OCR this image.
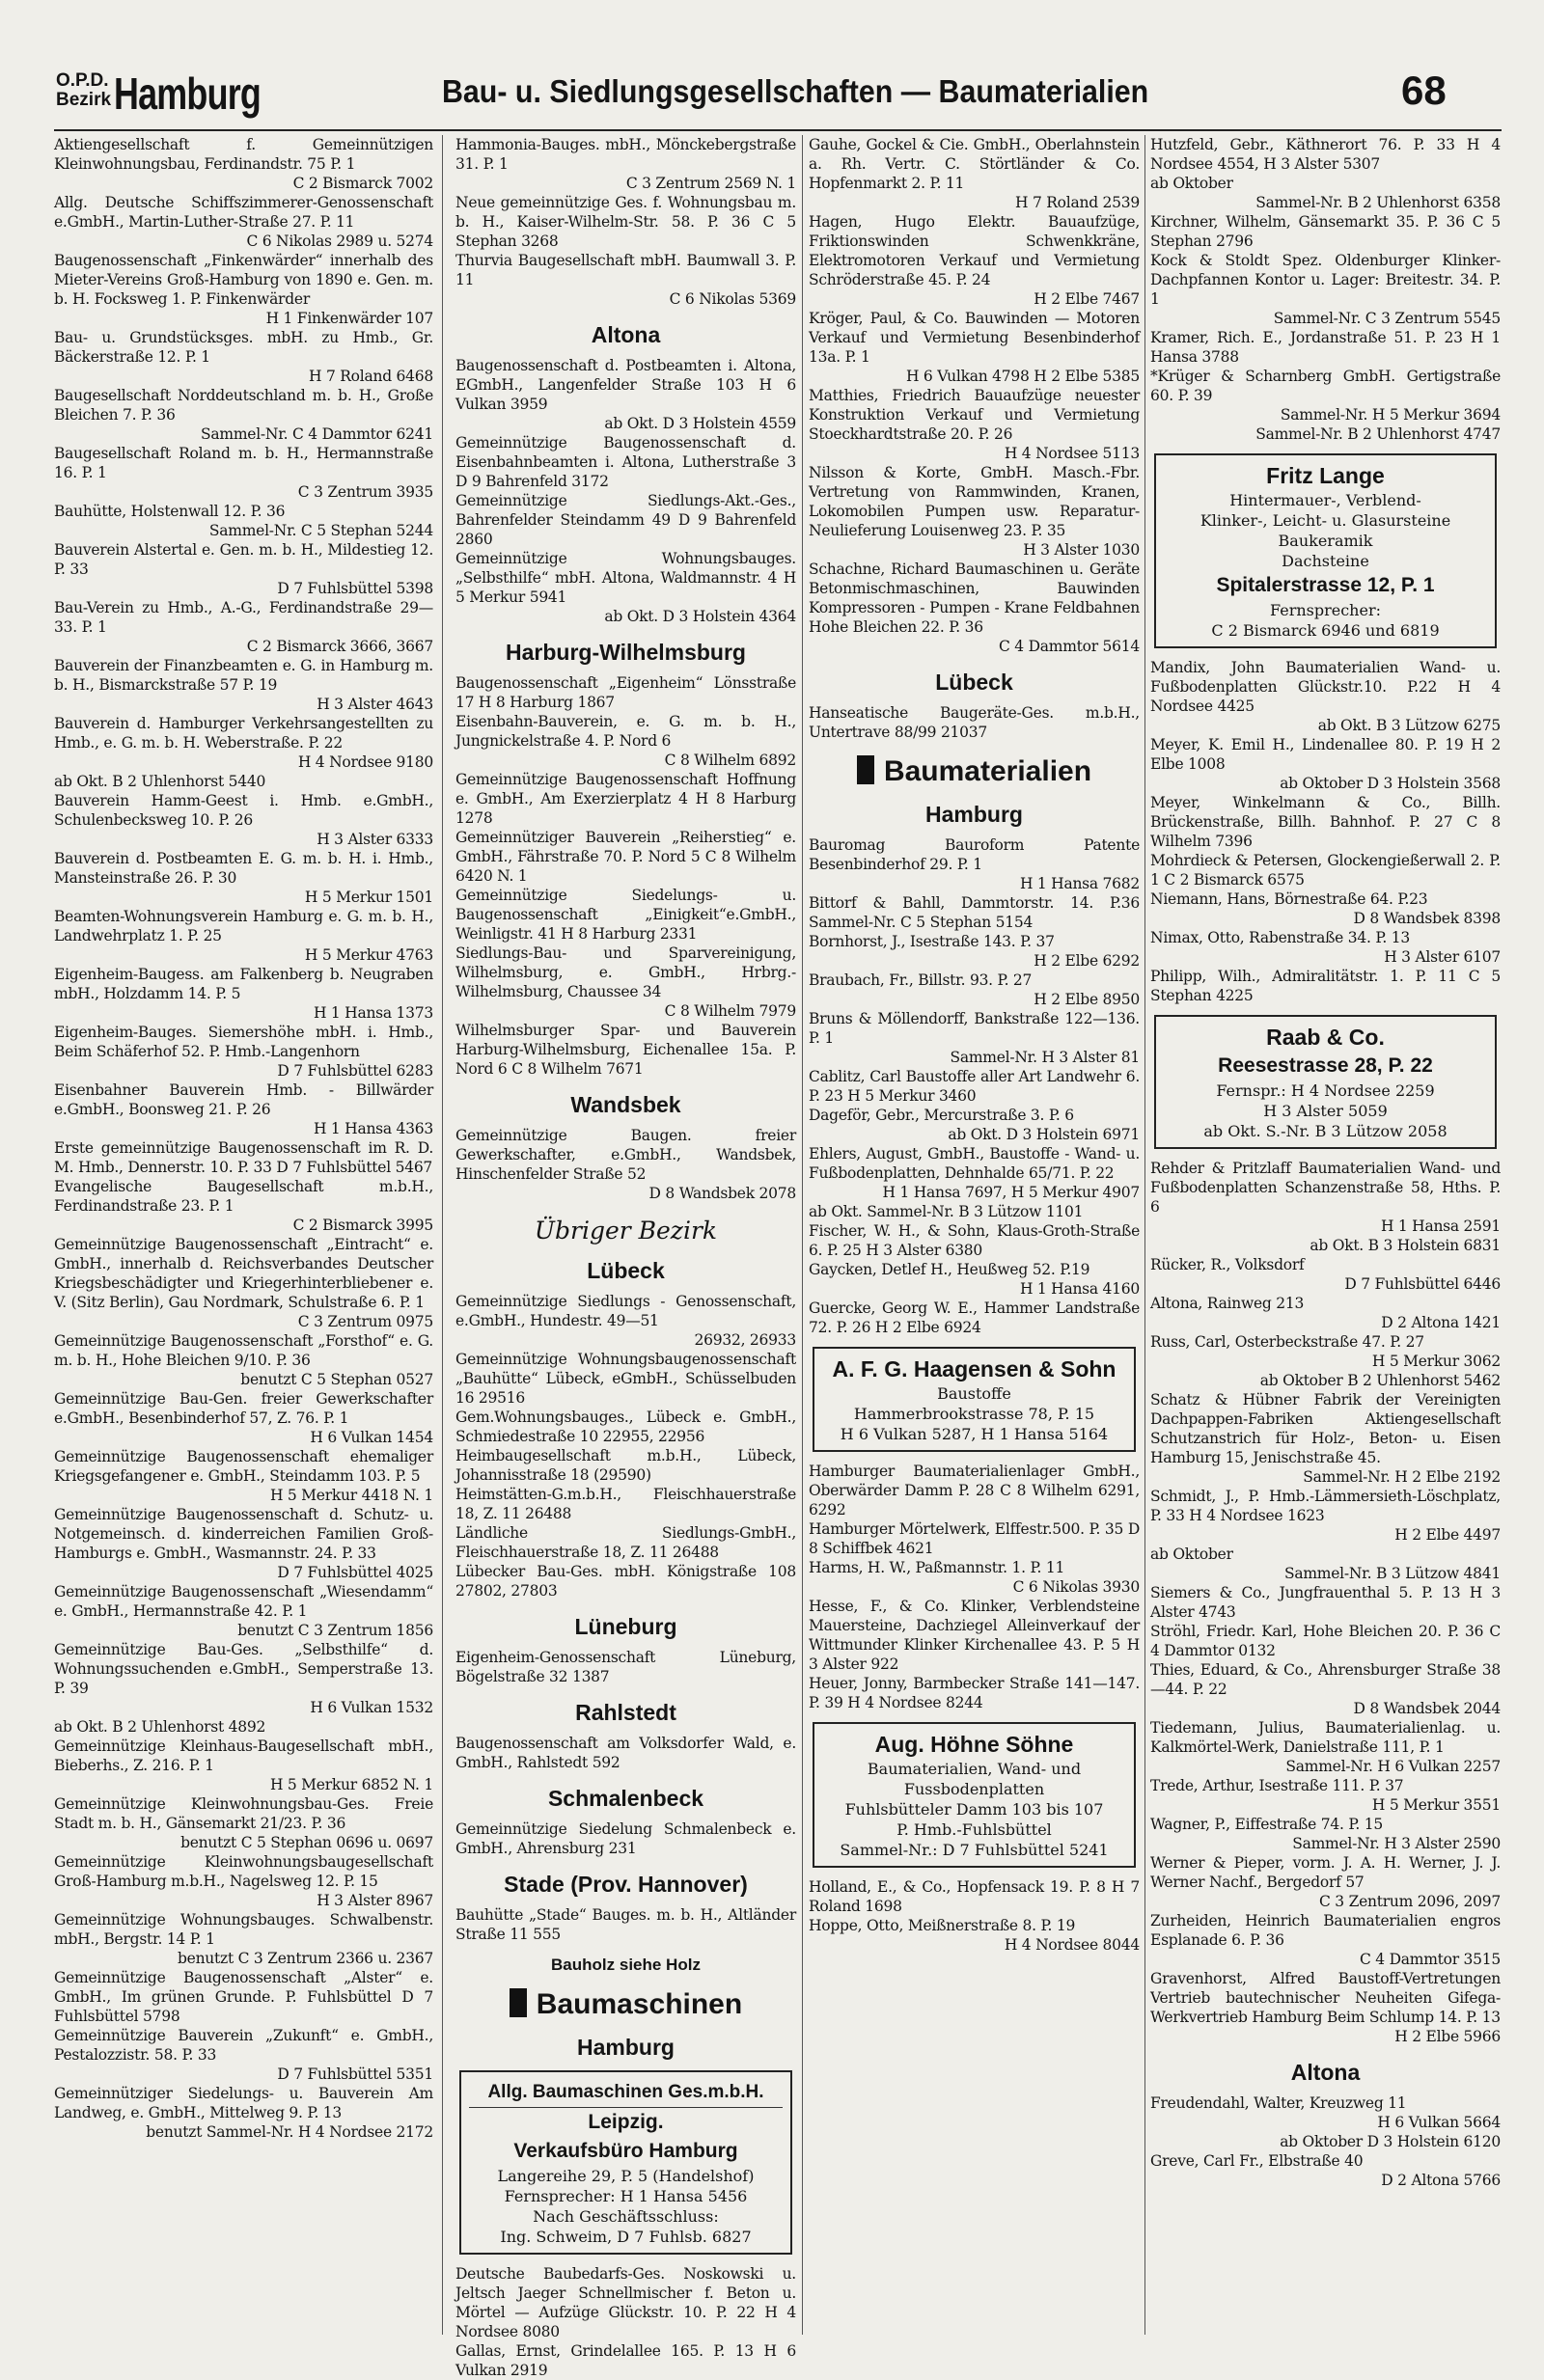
O.P.D.
Bezirk Hamburg	Bau- u. Siedlungsgesellschaften — Baumaterialien	68
Aktiengesellschaft f. Gemeinnützigen Kleinwohnungsbau, Ferdinandstr. 75 P. 1
C 2 Bismarck 7002
Allg. Deutsche Schiffszimmerer-Genossenschaft e.GmbH., Martin-Luther-Straße 27. P. 11
C 6 Nikolas 2989 u. 5274
Baugenossenschaft „Finkenwärder“ innerhalb des Mieter-Vereins Groß-Hamburg von 1890 e. Gen. m. b. H. Focksweg 1. P. Finkenwärder
H 1 Finkenwärder 107
Bau- u. Grundstücksges. mbH. zu Hmb., Gr. Bäckerstraße 12. P. 1
H 7 Roland 6468
Baugesellschaft Norddeutschland m. b. H., Große Bleichen 7. P. 36
Sammel-Nr. C 4 Dammtor 6241
Baugesellschaft Roland m. b. H., Hermannstraße 16. P. 1
C 3 Zentrum 3935
Bauhütte, Holstenwall 12. P. 36
Sammel-Nr. C 5 Stephan 5244
Bauverein Alstertal e. Gen. m. b. H., Mildestieg 12. P. 33
D 7 Fuhlsbüttel 5398
Bau-Verein zu Hmb., A.-G., Ferdinandstraße 29—33. P. 1
C 2 Bismarck 3666, 3667
Bauverein der Finanzbeamten e. G. in Hamburg m. b. H., Bismarckstraße 57 P. 19
H 3 Alster 4643
Bauverein d. Hamburger Verkehrsangestellten zu Hmb., e. G. m. b. H. Weberstraße. P. 22
H 4 Nordsee 9180
ab Okt. B 2 Uhlenhorst 5440
Bauverein Hamm-Geest i. Hmb. e.GmbH., Schulenbecksweg 10. P. 26
H 3 Alster 6333
Bauverein d. Postbeamten E. G. m. b. H. i. Hmb., Mansteinstraße 26. P. 30
H 5 Merkur 1501
Beamten-Wohnungsverein Hamburg e. G. m. b. H., Landwehrplatz 1. P. 25
H 5 Merkur 4763
Eigenheim-Baugess. am Falkenberg b. Neugraben mbH., Holzdamm 14. P. 5
H 1 Hansa 1373
Eigenheim-Bauges. Siemershöhe mbH. i. Hmb., Beim Schäferhof 52. P. Hmb.-Langenhorn
D 7 Fuhlsbüttel 6283
Eisenbahner Bauverein Hmb. - Billwärder e.GmbH., Boonsweg 21. P. 26
H 1 Hansa 4363
Erste gemeinnützige Baugenossenschaft im R. D. M. Hmb., Dennerstr. 10. P. 33 D 7 Fuhlsbüttel 5467
Evangelische Baugesellschaft m.b.H., Ferdinandstraße 23. P. 1
C 2 Bismarck 3995
Gemeinnützige Baugenossenschaft „Eintracht“ e. GmbH., innerhalb d. Reichsverbandes Deutscher Kriegsbeschädigter und Kriegerhinterbliebener e. V. (Sitz Berlin), Gau Nordmark, Schulstraße 6. P. 1
C 3 Zentrum 0975
Gemeinnützige Baugenossenschaft „Forsthof“ e. G. m. b. H., Hohe Bleichen 9/10. P. 36
benutzt C 5 Stephan 0527
Gemeinnützige Bau-Gen. freier Gewerkschafter e.GmbH., Besenbinderhof 57, Z. 76. P. 1
H 6 Vulkan 1454
Gemeinnützige Baugenossenschaft ehemaliger Kriegsgefangener e. GmbH., Steindamm 103. P. 5
H 5 Merkur 4418 N. 1
Gemeinnützige Baugenossenschaft d. Schutz- u. Notgemeinsch. d. kinderreichen Familien Groß-Hamburgs e. GmbH., Wasmannstr. 24. P. 33
D 7 Fuhlsbüttel 4025
Gemeinnützige Baugenossenschaft „Wiesendamm“ e. GmbH., Hermannstraße 42. P. 1
benutzt C 3 Zentrum 1856
Gemeinnützige Bau-Ges. „Selbsthilfe“ d. Wohnungssuchenden e.GmbH., Semperstraße 13. P. 39
H 6 Vulkan 1532
ab Okt. B 2 Uhlenhorst 4892
Gemeinnützige Kleinhaus-Baugesellschaft mbH., Bieberhs., Z. 216. P. 1
H 5 Merkur 6852 N. 1
Gemeinnützige Kleinwohnungsbau-Ges. Freie Stadt m. b. H., Gänsemarkt 21/23. P. 36
benutzt C 5 Stephan 0696 u. 0697
Gemeinnützige Kleinwohnungsbaugesellschaft Groß-Hamburg m.b.H., Nagelsweg 12. P. 15
H 3 Alster 8967
Gemeinnützige Wohnungsbauges. Schwalbenstr. mbH., Bergstr. 14 P. 1
benutzt C 3 Zentrum 2366 u. 2367
Gemeinnützige Baugenossenschaft „Alster“ e. GmbH., Im grünen Grunde. P. Fuhlsbüttel D 7 Fuhlsbüttel 5798
Gemeinnützige Bauverein „Zukunft“ e. GmbH., Pestalozzistr. 58. P. 33
D 7 Fuhlsbüttel 5351
Gemeinnütziger Siedelungs- u. Bauverein Am Landweg, e. GmbH., Mittelweg 9. P. 13
benutzt Sammel-Nr. H 4 Nordsee 2172
Hammonia-Bauges. mbH., Mönckebergstraße 31. P. 1
C 3 Zentrum 2569 N. 1
Neue gemeinnützige Ges. f. Wohnungsbau m. b. H., Kaiser-Wilhelm-Str. 58. P. 36 C 5 Stephan 3268
Thurvia Baugesellschaft mbH. Baumwall 3. P. 11
C 6 Nikolas 5369
Altona
Baugenossenschaft d. Postbeamten i. Altona, EGmbH., Langenfelder Straße 103 H 6 Vulkan 3959
ab Okt. D 3 Holstein 4559
Gemeinnützige Baugenossenschaft d. Eisenbahnbeamten i. Altona, Lutherstraße 3 D 9 Bahrenfeld 3172
Gemeinnützige Siedlungs-Akt.-Ges., Bahrenfelder Steindamm 49 D 9 Bahrenfeld 2860
Gemeinnützige Wohnungsbauges. „Selbsthilfe“ mbH. Altona, Waldmannstr. 4 H 5 Merkur 5941
ab Okt. D 3 Holstein 4364
Harburg-Wilhelmsburg
Baugenossenschaft „Eigenheim“ Lönsstraße 17 H 8 Harburg 1867
Eisenbahn-Bauverein, e. G. m. b. H., Jungnickelstraße 4. P. Nord 6
C 8 Wilhelm 6892
Gemeinnützige Baugenossenschaft Hoffnung e. GmbH., Am Exerzierplatz 4 H 8 Harburg 1278
Gemeinnütziger Bauverein „Reiherstieg“ e. GmbH., Fährstraße 70. P. Nord 5 C 8 Wilhelm 6420 N. 1
Gemeinnützige Siedelungs- u. Baugenossenschaft „Einigkeit“e.GmbH., Weinligstr. 41 H 8 Harburg 2331
Siedlungs-Bau- und Sparvereinigung, Wilhelmsburg, e. GmbH., Hrbrg.-Wilhelmsburg, Chaussee 34
C 8 Wilhelm 7979
Wilhelmsburger Spar- und Bauverein Harburg-Wilhelmsburg, Eichenallee 15a. P. Nord 6 C 8 Wilhelm 7671
Wandsbek
Gemeinnützige Baugen. freier Gewerkschafter, e.GmbH., Wandsbek, Hinschenfelder Straße 52
D 8 Wandsbek 2078
Übriger Bezirk
Lübeck
Gemeinnützige Siedlungs - Genossenschaft, e.GmbH., Hundestr. 49—51
26932, 26933
Gemeinnützige Wohnungsbaugenossenschaft „Bauhütte“ Lübeck, eGmbH., Schüsselbuden 16 29516
Gem.Wohnungsbauges., Lübeck e. GmbH., Schmiedestraße 10 22955, 22956
Heimbaugesellschaft m.b.H., Lübeck, Johannisstraße 18 (29590)
Heimstätten-G.m.b.H., Fleischhauerstraße 18, Z. 11 26488
Ländliche Siedlungs-GmbH., Fleischhauerstraße 18, Z. 11 26488
Lübecker Bau-Ges. mbH. Königstraße 108 27802, 27803
Lüneburg
Eigenheim-Genossenschaft Lüneburg, Bögelstraße 32 1387
Rahlstedt
Baugenossenschaft am Volksdorfer Wald, e. GmbH., Rahlstedt 592
Schmalenbeck
Gemeinnützige Siedelung Schmalenbeck e. GmbH., Ahrensburg 231
Stade (Prov. Hannover)
Bauhütte „Stade“ Bauges. m. b. H., Altländer Straße 11 555
Bauholz siehe Holz
Baumaschinen
Hamburg
Allg. Baumaschinen Ges.m.b.H.
Leipzig.
Verkaufsbüro Hamburg
Langereihe 29, P. 5 (Handelshof)
Fernsprecher: H 1 Hansa 5456
Nach Geschäftsschluss:
Ing. Schweim, D 7 Fuhlsb. 6827
Deutsche Baubedarfs-Ges. Noskowski u. Jeltsch Jaeger Schnellmischer f. Beton u. Mörtel — Aufzüge Glückstr. 10. P. 22 H 4 Nordsee 8080
Gallas, Ernst, Grindelallee 165. P. 13 H 6 Vulkan 2919
Gauhe, Gockel & Cie. GmbH., Oberlahnstein a. Rh. Vertr. C. Störtländer & Co. Hopfenmarkt 2. P. 11
H 7 Roland 2539
Hagen, Hugo Elektr. Bauaufzüge, Friktionswinden Schwenkkräne, Elektromotoren Verkauf und Vermietung Schröderstraße 45. P. 24
H 2 Elbe 7467
Kröger, Paul, & Co. Bauwinden — Motoren Verkauf und Vermietung Besenbinderhof 13a. P. 1
H 6 Vulkan 4798 H 2 Elbe 5385
Matthies, Friedrich Bauaufzüge neuester Konstruktion Verkauf und Vermietung Stoeckhardtstraße 20. P. 26
H 4 Nordsee 5113
Nilsson & Korte, GmbH. Masch.-Fbr. Vertretung von Rammwinden, Kranen, Lokomobilen Pumpen usw. Reparatur-Neulieferung Louisenweg 23. P. 35
H 3 Alster 1030
Schachne, Richard Baumaschinen u. Geräte Betonmischmaschinen, Bauwinden Kompressoren - Pumpen - Krane Feldbahnen Hohe Bleichen 22. P. 36
C 4 Dammtor 5614
Lübeck
Hanseatische Baugeräte-Ges. m.b.H., Untertrave 88/99 21037
Baumaterialien
Hamburg
Bauromag Bauroform Patente Besenbinderhof 29. P. 1
H 1 Hansa 7682
Bittorf & Bahll, Dammtorstr. 14. P.36 Sammel-Nr. C 5 Stephan 5154
Bornhorst, J., Isestraße 143. P. 37
H 2 Elbe 6292
Braubach, Fr., Billstr. 93. P. 27
H 2 Elbe 8950
Bruns & Möllendorff, Bankstraße 122—136. P. 1
Sammel-Nr. H 3 Alster 81
Cablitz, Carl Baustoffe aller Art Landwehr 6. P. 23 H 5 Merkur 3460
Dageför, Gebr., Mercurstraße 3. P. 6
ab Okt. D 3 Holstein 6971
Ehlers, August, GmbH., Baustoffe - Wand- u. Fußbodenplatten, Dehnhalde 65/71. P. 22
H 1 Hansa 7697, H 5 Merkur 4907
ab Okt. Sammel-Nr. B 3 Lützow 1101
Fischer, W. H., & Sohn, Klaus-Groth-Straße 6. P. 25 H 3 Alster 6380
Gaycken, Detlef H., Heußweg 52. P.19
H 1 Hansa 4160
Guercke, Georg W. E., Hammer Landstraße 72. P. 26 H 2 Elbe 6924
A. F. G. Haagensen & Sohn
Baustoffe
Hammerbrookstrasse 78, P. 15
H 6 Vulkan 5287, H 1 Hansa 5164
Hamburger Baumaterialienlager GmbH., Oberwärder Damm P. 28 C 8 Wilhelm 6291, 6292
Hamburger Mörtelwerk, Elffestr.500. P. 35 D 8 Schiffbek 4621
Harms, H. W., Paßmannstr. 1. P. 11
C 6 Nikolas 3930
Hesse, F., & Co. Klinker, Verblendsteine Mauersteine, Dachziegel Alleinverkauf der Wittmunder Klinker Kirchenallee 43. P. 5 H 3 Alster 922
Heuer, Jonny, Barmbecker Straße 141—147. P. 39 H 4 Nordsee 8244
Aug. Höhne Söhne
Baumaterialien, Wand- und Fussbodenplatten
Fuhlsbütteler Damm 103 bis 107
P. Hmb.-Fuhlsbüttel
Sammel-Nr.: D 7 Fuhlsbüttel 5241
Holland, E., & Co., Hopfensack 19. P. 8 H 7 Roland 1698
Hoppe, Otto, Meißnerstraße 8. P. 19
H 4 Nordsee 8044
Hutzfeld, Gebr., Käthnerort 76. P. 33 H 4 Nordsee 4554, H 3 Alster 5307
ab Oktober
Sammel-Nr. B 2 Uhlenhorst 6358
Kirchner, Wilhelm, Gänsemarkt 35. P. 36 C 5 Stephan 2796
Kock & Stoldt Spez. Oldenburger Klinker-Dachpfannen Kontor u. Lager: Breitestr. 34. P. 1
Sammel-Nr. C 3 Zentrum 5545
Kramer, Rich. E., Jordanstraße 51. P. 23 H 1 Hansa 3788
*Krüger & Scharnberg GmbH. Gertigstraße 60. P. 39
Sammel-Nr. H 5 Merkur 3694
Sammel-Nr. B 2 Uhlenhorst 4747
Fritz Lange
Hintermauer-, Verblend-
Klinker-, Leicht- u. Glasursteine
Baukeramik
Dachsteine
Spitalerstrasse 12, P. 1
Fernsprecher:
C 2 Bismarck 6946 und 6819
Mandix, John Baumaterialien Wand- u. Fußbodenplatten Glückstr.10. P.22 H 4 Nordsee 4425
ab Okt. B 3 Lützow 6275
Meyer, K. Emil H., Lindenallee 80. P. 19 H 2 Elbe 1008
ab Oktober D 3 Holstein 3568
Meyer, Winkelmann & Co., Billh. Brückenstraße, Billh. Bahnhof. P. 27 C 8 Wilhelm 7396
Mohrdieck & Petersen, Glockengießerwall 2. P. 1 C 2 Bismarck 6575
Niemann, Hans, Börnestraße 64. P.23
D 8 Wandsbek 8398
Nimax, Otto, Rabenstraße 34. P. 13
H 3 Alster 6107
Philipp, Wilh., Admiralitätstr. 1. P. 11 C 5 Stephan 4225
Raab & Co.
Reesestrasse 28, P. 22
Fernspr.: H 4 Nordsee 2259
H 3 Alster 5059
ab Okt. S.-Nr. B 3 Lützow 2058
Rehder & Pritzlaff Baumaterialien Wand- und Fußbodenplatten Schanzenstraße 58, Hths. P. 6
H 1 Hansa 2591
ab Okt. B 3 Holstein 6831
Rücker, R., Volksdorf
D 7 Fuhlsbüttel 6446
Altona, Rainweg 213
D 2 Altona 1421
Russ, Carl, Osterbeckstraße 47. P. 27
H 5 Merkur 3062
ab Oktober B 2 Uhlenhorst 5462
Schatz & Hübner Fabrik der Vereinigten Dachpappen-Fabriken Aktiengesellschaft Schutzanstrich für Holz-, Beton- u. Eisen Hamburg 15, Jenischstraße 45.
Sammel-Nr. H 2 Elbe 2192
Schmidt, J., P. Hmb.-Lämmersieth-Löschplatz, P. 33 H 4 Nordsee 1623
H 2 Elbe 4497
ab Oktober
Sammel-Nr. B 3 Lützow 4841
Siemers & Co., Jungfrauenthal 5. P. 13 H 3 Alster 4743
Ströhl, Friedr. Karl, Hohe Bleichen 20. P. 36 C 4 Dammtor 0132
Thies, Eduard, & Co., Ahrensburger Straße 38—44. P. 22
D 8 Wandsbek 2044
Tiedemann, Julius, Baumaterialienlag. u. Kalkmörtel-Werk, Danielstraße 111, P. 1
Sammel-Nr. H 6 Vulkan 2257
Trede, Arthur, Isestraße 111. P. 37
H 5 Merkur 3551
Wagner, P., Eiffestraße 74. P. 15
Sammel-Nr. H 3 Alster 2590
Werner & Pieper, vorm. J. A. H. Werner, J. J. Werner Nachf., Bergedorf 57
C 3 Zentrum 2096, 2097
Zurheiden, Heinrich Baumaterialien engros Esplanade 6. P. 36
C 4 Dammtor 3515
Gravenhorst, Alfred Baustoff-Vertretungen Vertrieb bautechnischer Neuheiten Gifega-Werkvertrieb Hamburg Beim Schlump 14. P. 13
H 2 Elbe 5966
Altona
Freudendahl, Walter, Kreuzweg 11
H 6 Vulkan 5664
ab Oktober D 3 Holstein 6120
Greve, Carl Fr., Elbstraße 40
D 2 Altona 5766
